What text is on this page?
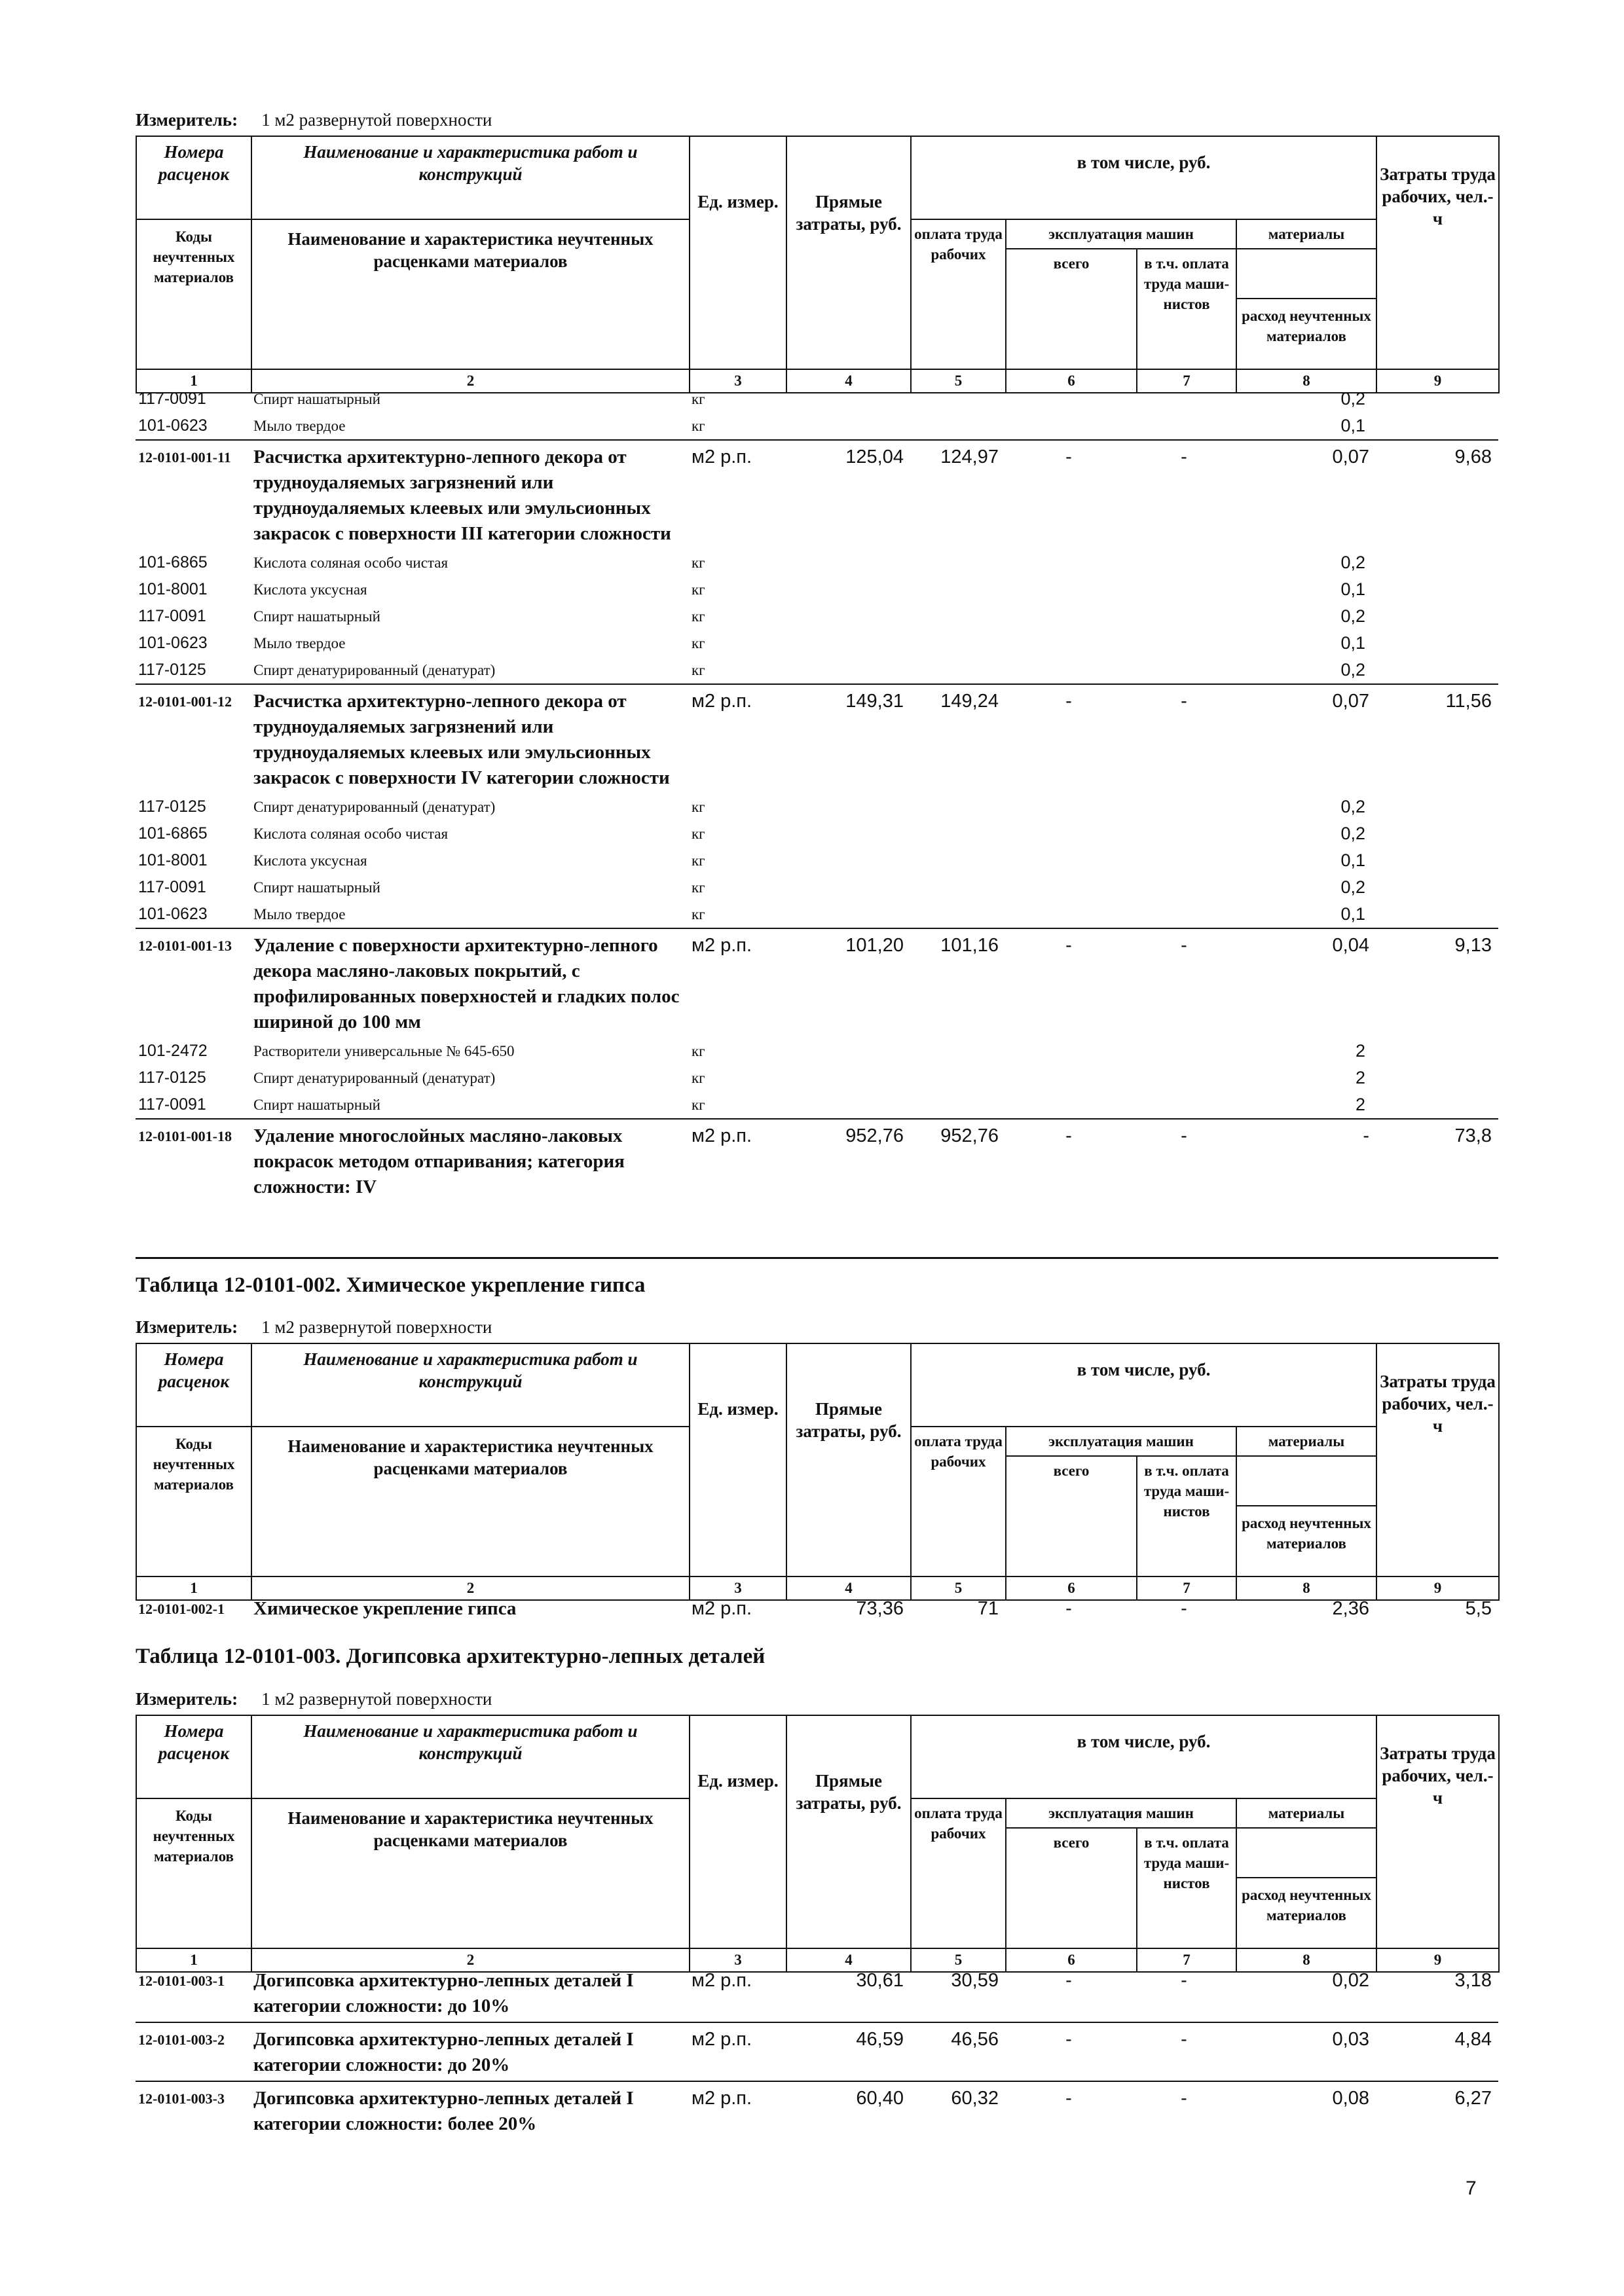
Измеритель: 1 м2 развернутой поверхности
Измеритель: 1 м2 развернутой поверхности
Измеритель: 1 м2 развернутой поверхности
Таблица 12-0101-002. Химическое укрепление гипса
Таблица 12-0101-003. Догипсовка архитектурно-лепных деталей
Номера расценок	Наименование и характеристика работ и конструкций	Ед. измер.	Прямые затраты, руб.	в том числе, руб.				Затраты труда рабочих, чел.-ч
Коды неучтенных материалов	Наименование и характеристика неучтенных расценками материалов			оплата труда рабочих	эксплуатация машин		материалы	
					всего	в т.ч. оплата труда маши-нистов		
							расход неучтенных материалов	
1	2	3	4	5	6	7	8	9
Номера расценок	Наименование и характеристика работ и конструкций	Ед. измер.	Прямые затраты, руб.	в том числе, руб.				Затраты труда рабочих, чел.-ч
Коды неучтенных материалов	Наименование и характеристика неучтенных расценками материалов			оплата труда рабочих	эксплуатация машин		материалы	
					всего	в т.ч. оплата труда маши-нистов		
							расход неучтенных материалов	
1	2	3	4	5	6	7	8	9
Номера расценок	Наименование и характеристика работ и конструкций	Ед. измер.	Прямые затраты, руб.	в том числе, руб.				Затраты труда рабочих, чел.-ч
Коды неучтенных материалов	Наименование и характеристика неучтенных расценками материалов			оплата труда рабочих	эксплуатация машин		материалы	
					всего	в т.ч. оплата труда маши-нистов		
							расход неучтенных материалов	
1	2	3	4	5	6	7	8	9
117-0091	Спирт нашатырный	кг					0,2	
101-0623	Мыло твердое	кг					0,1	
12-0101-001-11	Расчистка архитектурно-лепного декора от трудноудаляемых загрязнений или трудноудаляемых клеевых или эмульсионных закрасок с поверхности III категории сложности	м2 р.п.	125,04	124,97	-	-	0,07	9,68
101-6865	Кислота соляная особо чистая	кг					0,2	
101-8001	Кислота уксусная	кг					0,1	
117-0091	Спирт нашатырный	кг					0,2	
101-0623	Мыло твердое	кг					0,1	
117-0125	Спирт денатурированный (денатурат)	кг					0,2	
12-0101-001-12	Расчистка архитектурно-лепного декора от трудноудаляемых загрязнений или трудноудаляемых клеевых или эмульсионных закрасок с поверхности IV категории сложности	м2 р.п.	149,31	149,24	-	-	0,07	11,56
117-0125	Спирт денатурированный (денатурат)	кг					0,2	
101-6865	Кислота соляная особо чистая	кг					0,2	
101-8001	Кислота уксусная	кг					0,1	
117-0091	Спирт нашатырный	кг					0,2	
101-0623	Мыло твердое	кг					0,1	
12-0101-001-13	Удаление с поверхности архитектурно-лепного декора масляно-лаковых покрытий, с профилированных поверхностей и гладких полос шириной до 100 мм	м2 р.п.	101,20	101,16	-	-	0,04	9,13
101-2472	Растворители универсальные № 645-650	кг					2	
117-0125	Спирт денатурированный (денатурат)	кг					2	
117-0091	Спирт нашатырный	кг					2	
12-0101-001-18	Удаление многослойных масляно-лаковых покрасок методом отпаривания; категория сложности: IV	м2 р.п.	952,76	952,76	-	-	-	73,8
12-0101-002-1	Химическое укрепление гипса	м2 р.п.	73,36	71	-	-	2,36	5,5
12-0101-003-1	Догипсовка архитектурно-лепных деталей I категории сложности: до 10%	м2 р.п.	30,61	30,59	-	-	0,02	3,18
12-0101-003-2	Догипсовка архитектурно-лепных деталей I категории сложности: до 20%	м2 р.п.	46,59	46,56	-	-	0,03	4,84
12-0101-003-3	Догипсовка архитектурно-лепных деталей I категории сложности: более 20%	м2 р.п.	60,40	60,32	-	-	0,08	6,27
7
